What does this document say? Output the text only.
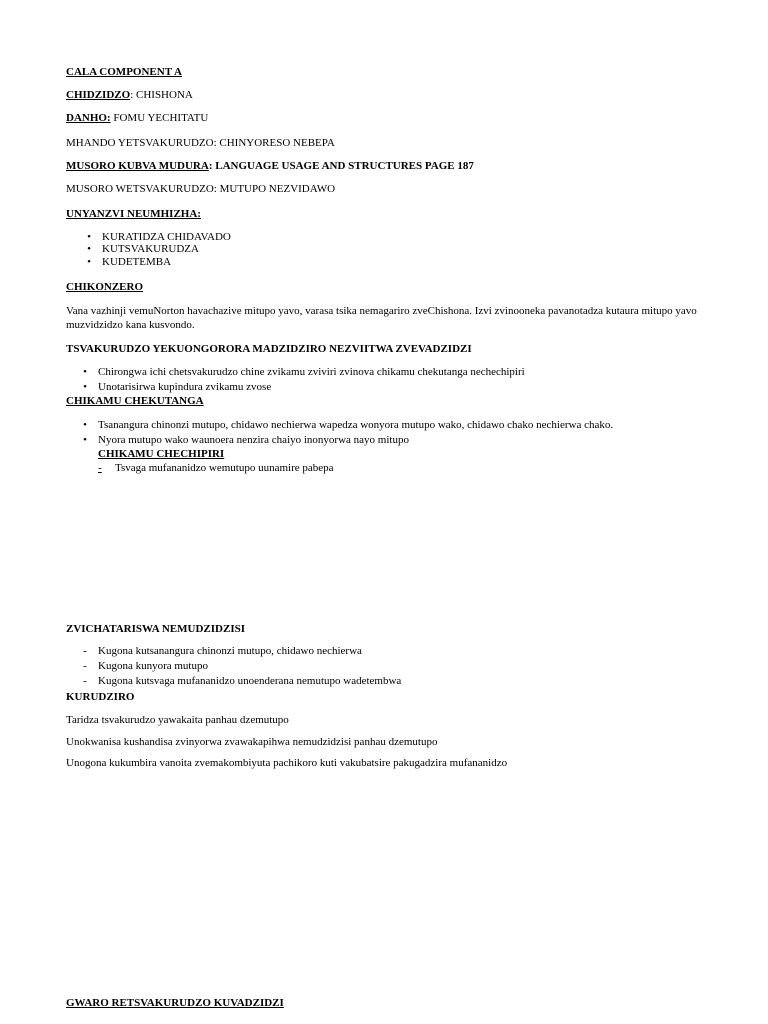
CALA COMPONENT A
CHIDZIDZO: CHISHONA
DANHO: FOMU YECHITATU
MHANDO YETSVAKURUDZO: CHINYORESO NEBEPA
MUSORO KUBVA MUDURA: LANGUAGE USAGE AND STRUCTURES PAGE 187
MUSORO WETSVAKURUDZO: MUTUPO NEZVIDAWO
UNYANZVI NEUMHIZHA:
• KURATIDZA CHIDAVADO
• KUTSVAKURUDZA
• KUDETEMBA
CHIKONZERO
Vana vazhinji vemuNorton havachazive mitupo yavo, varasa tsika nemagariro zveChishona. Izvi zvinooneka pavanotadza kutaura mitupo yavo muzvidzidzo kana kusvondo.
TSVAKURUDZO YEKUONGORORA MADZIDZIRO NEZVIITWA ZVEVADZIDZI
• Chirongwa ichi chetsvakurudzo chine zvikamu zviviri zvinova chikamu chekutanga nechechipiri
• Unotarisirwa kupindura zvikamu zvose
CHIKAMU CHEKUTANGA
• Tsanangura chinonzi mutupo, chidawo nechierwa wapedza wonyora mutupo wako, chidawo chako nechierwa chako.
• Nyora mutupo wako waunoera nenzira chaiyo inonyorwa nayo mitupo
CHIKAMU CHECHIPIRI
- Tsvaga mufananidzo wemutupo uunamire pabepa
ZVICHATARISWA NEMUDZIDZISI
- Kugona kutsanangura chinonzi mutupo, chidawo nechierwa
- Kugona kunyora mutupo
- Kugona kutsvaga mufananidzo unoenderana nemutupo wadetembwa
KURUDZIRO
Taridza tsvakurudzo yawakaita panhau dzemutupo
Unokwanisa kushandisa zvinyorwa zvawakapihwa nemudzidzisi panhau dzemutupo
Unogona kukumbira vanoita zvemakombiyuta pachikoro kuti vakubatsire pakugadzira mufananidzo
GWARO RETSVAKURUDZO KUVADZIDZI
